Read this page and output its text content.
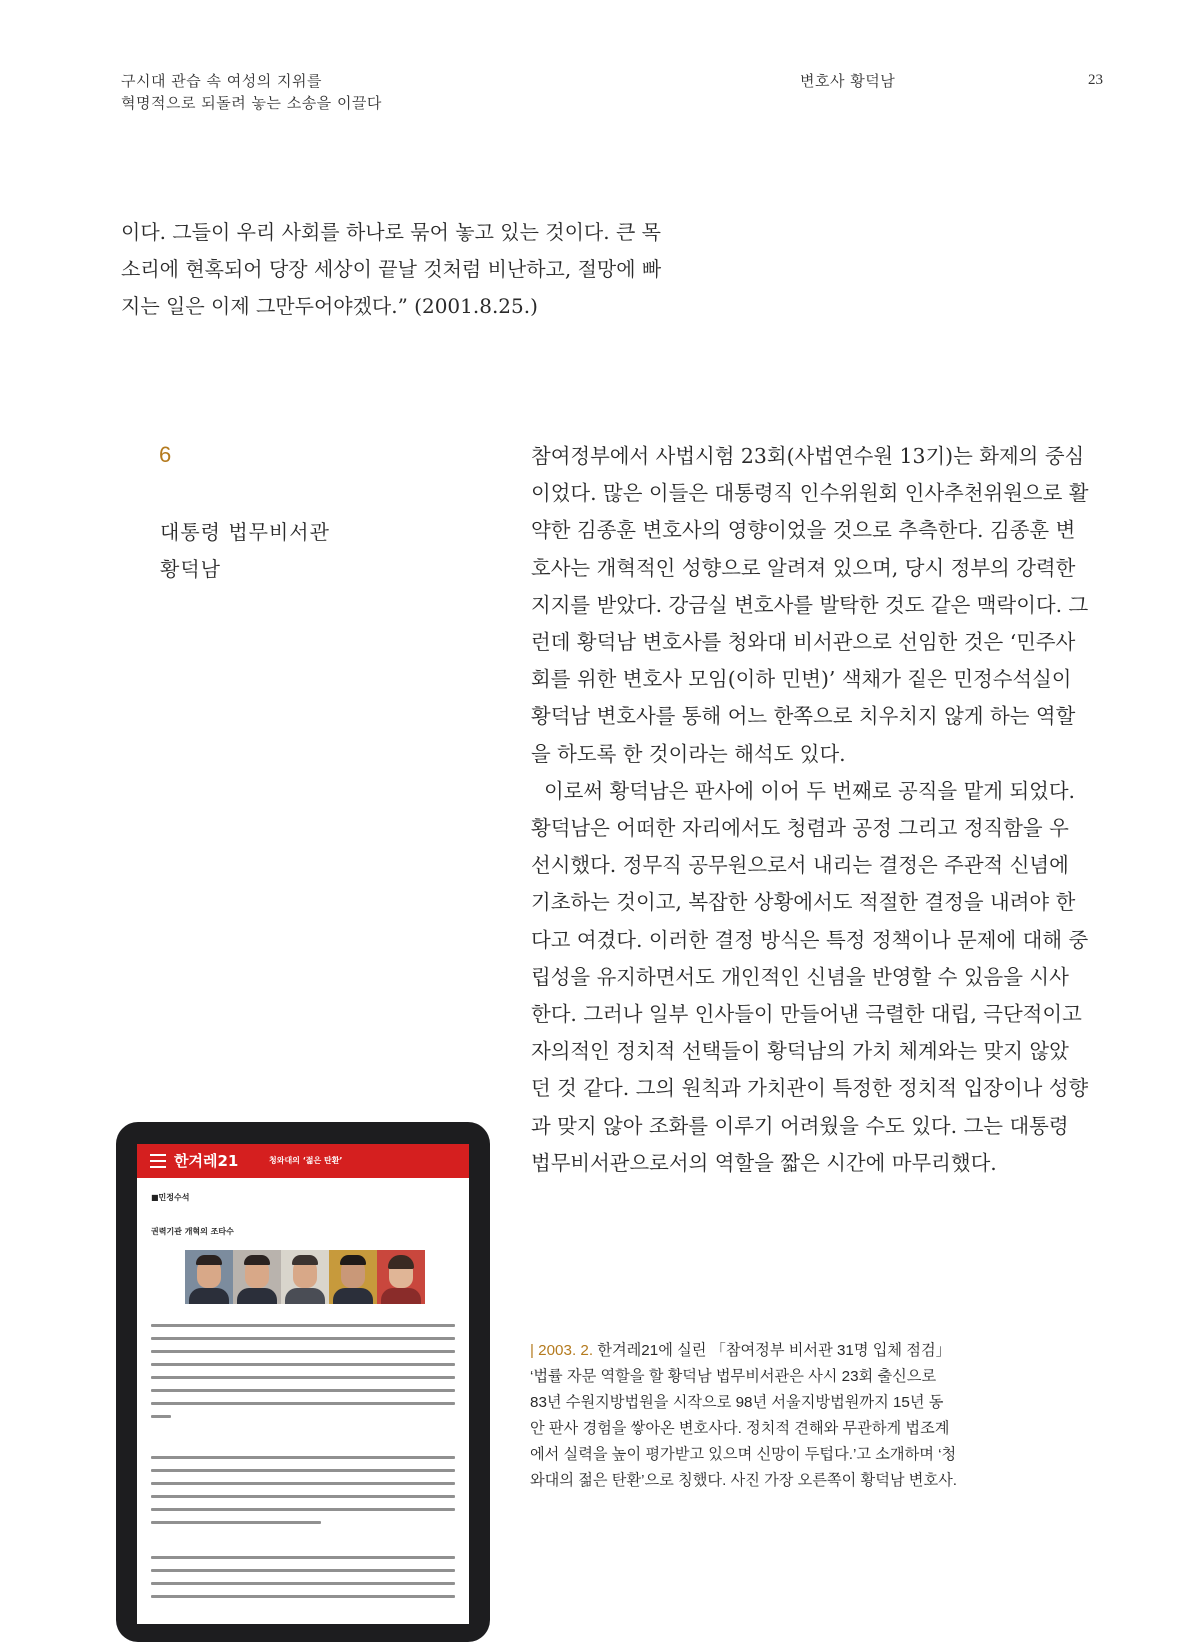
구시대 관습 속 여성의 지위를
혁명적으로 되돌려 놓는 소송을 이끌다
변호사 황덕남	23

이다. 그들이 우리 사회를 하나로 묶어 놓고 있는 것이다. 큰 목

소리에 현혹되어 당장 세상이 끝날 것처럼 비난하고, 절망에 빠

지는 일은 이제 그만두어야겠다.” (2001.8.25.)

6
대통령 법무비서관
황덕남
참여정부에서 사법시험 23회(사법연수원 13기)는 화제의 중심
이었다. 많은 이들은 대통령직 인수위원회 인사추천위원으로 활
약한 김종훈 변호사의 영향이었을 것으로 추측한다. 김종훈 변
호사는 개혁적인 성향으로 알려져 있으며, 당시 정부의 강력한
지지를 받았다. 강금실 변호사를 발탁한 것도 같은 맥락이다. 그
런데 황덕남 변호사를 청와대 비서관으로 선임한 것은 ‘민주사
회를 위한 변호사 모임(이하 민변)’ 색채가 짙은 민정수석실이
황덕남 변호사를 통해 어느 한쪽으로 치우치지 않게 하는 역할
을 하도록 한 것이라는 해석도 있다.
이로써 황덕남은 판사에 이어 두 번째로 공직을 맡게 되었다.
황덕남은 어떠한 자리에서도 청렴과 공정 그리고 정직함을 우
선시했다. 정무직 공무원으로서 내리는 결정은 주관적 신념에
기초하는 것이고, 복잡한 상황에서도 적절한 결정을 내려야 한
다고 여겼다. 이러한 결정 방식은 특정 정책이나 문제에 대해 중
립성을 유지하면서도 개인적인 신념을 반영할 수 있음을 시사
한다. 그러나 일부 인사들이 만들어낸 극렬한 대립, 극단적이고
자의적인 정치적 선택들이 황덕남의 가치 체계와는 맞지 않았
던 것 같다. 그의 원칙과 가치관이 특정한 정치적 입장이나 성향
과 맞지 않아 조화를 이루기 어려웠을 수도 있다. 그는 대통령
법무비서관으로서의 역할을 짧은 시간에 마무리했다.
| 2003. 2. 한겨레21에 실린 「참여정부 비서관 31명 입체 점검」
‘법률 자문 역할을 할 황덕남 법무비서관은 사시 23회 출신으로
83년 수원지방법원을 시작으로 98년 서울지방법원까지 15년 동
안 판사 경험을 쌓아온 변호사다. 정치적 견해와 무관하게 법조계
에서 실력을 높이 평가받고 있으며 신망이 두텁다.’고 소개하며 ‘청
와대의 젊은 탄환’으로 칭했다. 사진 가장 오른쪽이 황덕남 변호사.
한겨레21	청와대의 ‘젊은 탄환’
■민정수석
권력기관 개혁의 조타수
